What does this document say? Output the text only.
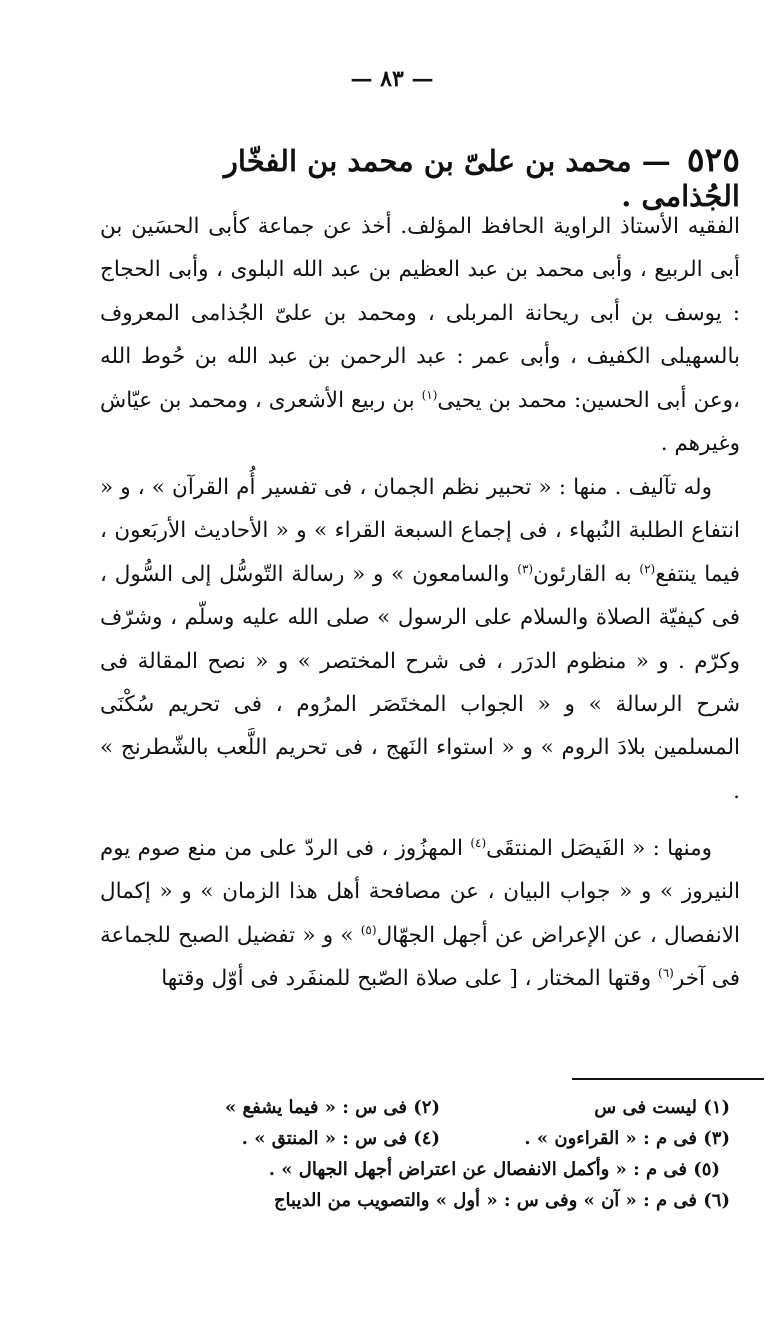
— ٨٣ —
٥٢٥ — محمد بن علىّ بن محمد بن الفخّار الجُذامى .

الفقيه الأستاذ الراوية الحافظ المؤلف. أخذ عن جماعة كأبى الحسَين بن أبى الربيع ، وأبى محمد بن عبد العظيم بن عبد الله البلوى ، وأبى الحجاج : يوسف بن أبى ريحانة المربلى ، ومحمد بن علىّ الجُذامى المعروف بالسهيلى الكفيف ، وأبى عمر : عبد الرحمن بن عبد الله بن حُوط الله ،وعن أبى الحسين: محمد بن يحيى$^{(١)}$ بن ربيع الأشعرى ، ومحمد بن عيّاش وغيرهم .

وله تآليف . منها : « تحبير نظم الجمان ، فى تفسير أُم القرآن » ، و « انتفاع الطلبة النُبهاء ، فى إجماع السبعة القراء » و « الأحاديث الأربَعون ، فيما ينتفع$^{(٢)}$ به القارئون$^{(٣)}$ والسامعون » و « رسالة التّوسُّل إلى السُّول ، فى كيفيّة الصلاة والسلام على الرسول » صلى الله عليه وسلّم ، وشرّف وكرّم . و « منظوم الدرَر ، فى شرح المختصر » و « نصح المقالة فى شرح الرسالة » و « الجواب المختَصَر المرُوم ، فى تحريم سُكْنَى المسلمين بلادَ الروم » و « استواء النَهج ، فى تحريم اللَّعب بالشّطرنج » .

ومنها : « الفَيصَل المنتقَى$^{(٤)}$ المهزُوز ، فى الردّ على من منع صوم يوم النيروز » و « جواب البيان ، عن مصافحة أهل هذا الزمان » و « إكمال الانفصال ، عن الإعراض عن أجهل الجهّال$^{(٥)}$ » و « تفضيل الصبح للجماعة فى آخر$^{(٦)}$ وقتها المختار ، [ على صلاة الصّبح للمنفَرد فى أوّل وقتها

(١) ليست فى س(٢) فى س : « فيما يشفع »
(٣) فى م : « القراءون » .(٤) فى س : « المنتق » .
(٥) فى م : « وأكمل الانفصال عن اعتراض أجهل الجهال » .
(٦) فى م : « آن » وفى س : « أول » والتصويب من الديباج
